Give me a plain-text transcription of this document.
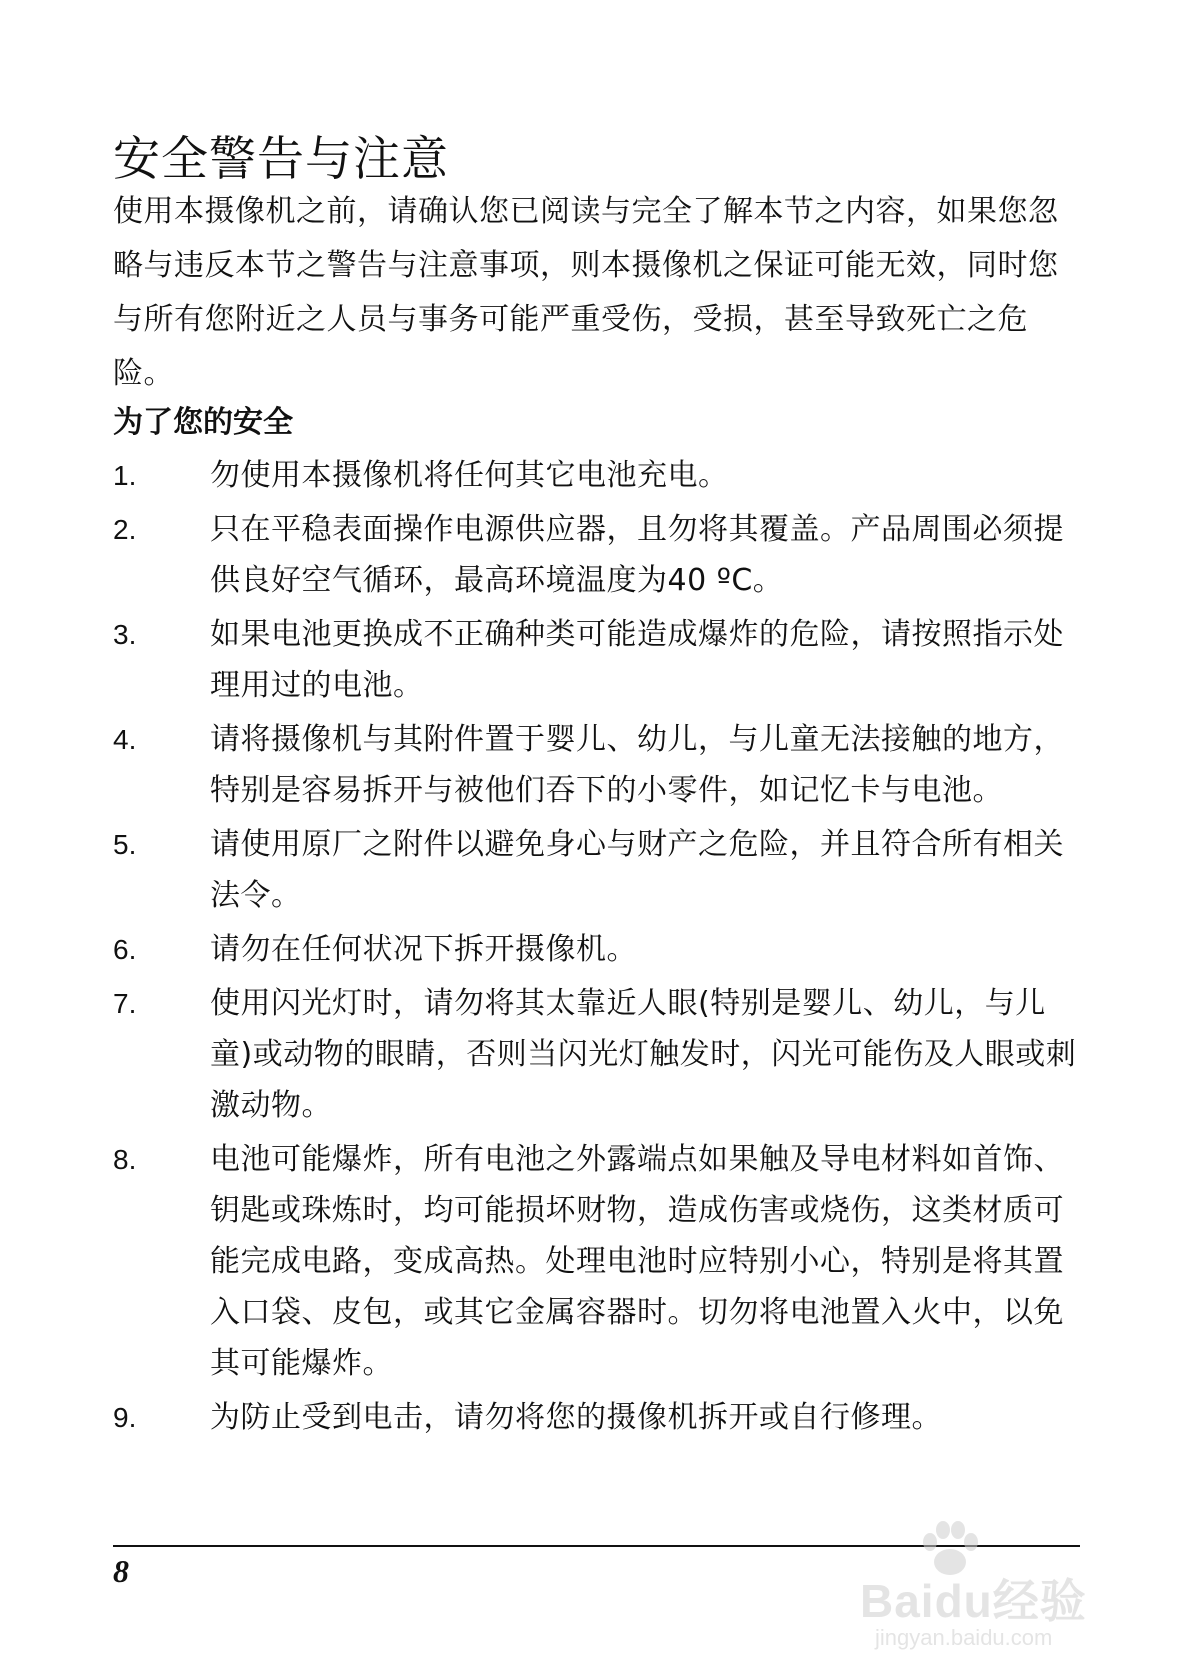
安全警告与注意

使用本摄像机之前，请确认您已阅读与完全了解本节之内容，如果您忽略与违反本节之警告与注意事项，则本摄像机之保证可能无效，同时您与所有您附近之人员与事务可能严重受伤，受损，甚至导致死亡之危险。

为了您的安全
1.	勿使用本摄像机将任何其它电池充电。
2.	只在平稳表面操作电源供应器，且勿将其覆盖。产品周围必须提供良好空气循环，最高环境温度为40 ºC。
3.	如果电池更换成不正确种类可能造成爆炸的危险，请按照指示处理用过的电池。
4.	请将摄像机与其附件置于婴儿、幼儿，与儿童无法接触的地方，特别是容易拆开与被他们吞下的小零件，如记忆卡与电池。
5.	请使用原厂之附件以避免身心与财产之危险，并且符合所有相关法令。
6.	请勿在任何状况下拆开摄像机。
7.	使用闪光灯时，请勿将其太靠近人眼(特别是婴儿、幼儿，与儿童)或动物的眼睛，否则当闪光灯触发时，闪光可能伤及人眼或刺激动物。
8.	电池可能爆炸，所有电池之外露端点如果触及导电材料如首饰、钥匙或珠炼时，均可能损坏财物，造成伤害或烧伤，这类材质可能完成电路，变成高热。处理电池时应特别小心，特别是将其置入口袋、皮包，或其它金属容器时。切勿将电池置入火中，以免其可能爆炸。
9.	为防止受到电击，请勿将您的摄像机拆开或自行修理。
8
Baidu经验
jingyan.baidu.com
